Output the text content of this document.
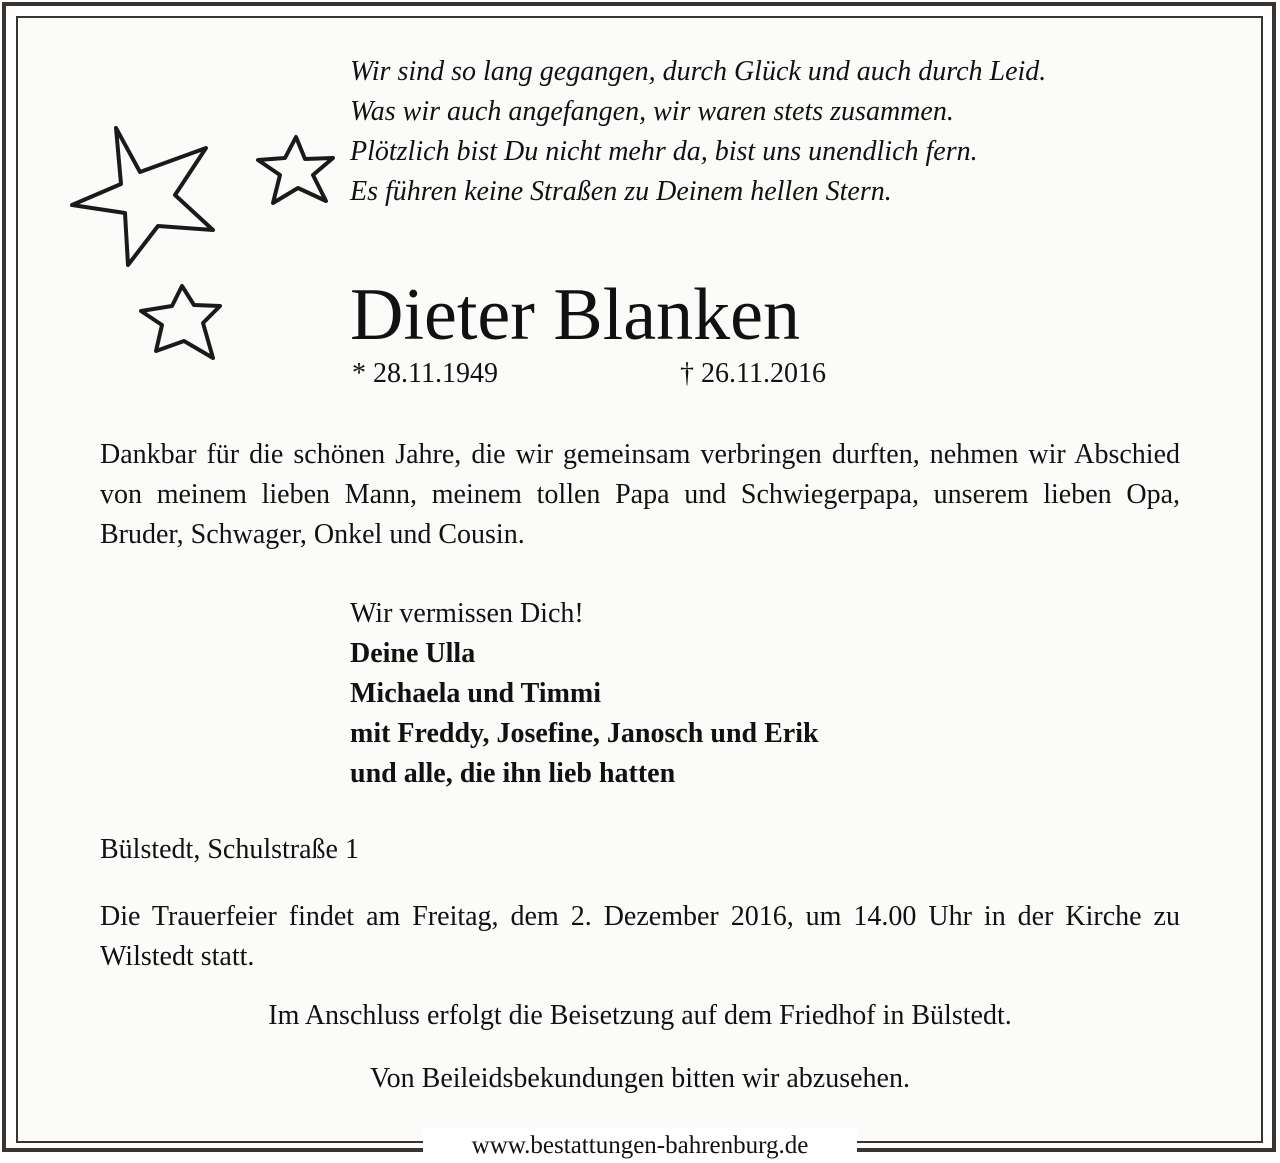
Wir sind so lang gegangen, durch Glück und auch durch Leid.
Was wir auch angefangen, wir waren stets zusammen.
Plötzlich bist Du nicht mehr da, bist uns unendlich fern.
Es führen keine Straßen zu Deinem hellen Stern.
Dieter Blanken
* 28.11.1949	† 26.11.2016
Dankbar für die schönen Jahre, die wir gemeinsam verbringen durften, nehmen wir Abschied von meinem lieben Mann, meinem tollen Papa und Schwiegerpapa, unserem lieben Opa, Bruder, Schwager, Onkel und Cousin.
Wir vermissen Dich!
Deine Ulla
Michaela und Timmi
mit Freddy, Josefine, Janosch und Erik
und alle, die ihn lieb hatten
Bülstedt, Schulstraße 1
Die Trauerfeier findet am Freitag, dem 2. Dezember 2016, um 14.00 Uhr in der Kirche zu Wilstedt statt.
Im Anschluss erfolgt die Beisetzung auf dem Friedhof in Bülstedt.
Von Beileidsbekundungen bitten wir abzusehen.
www.bestattungen-bahrenburg.de
